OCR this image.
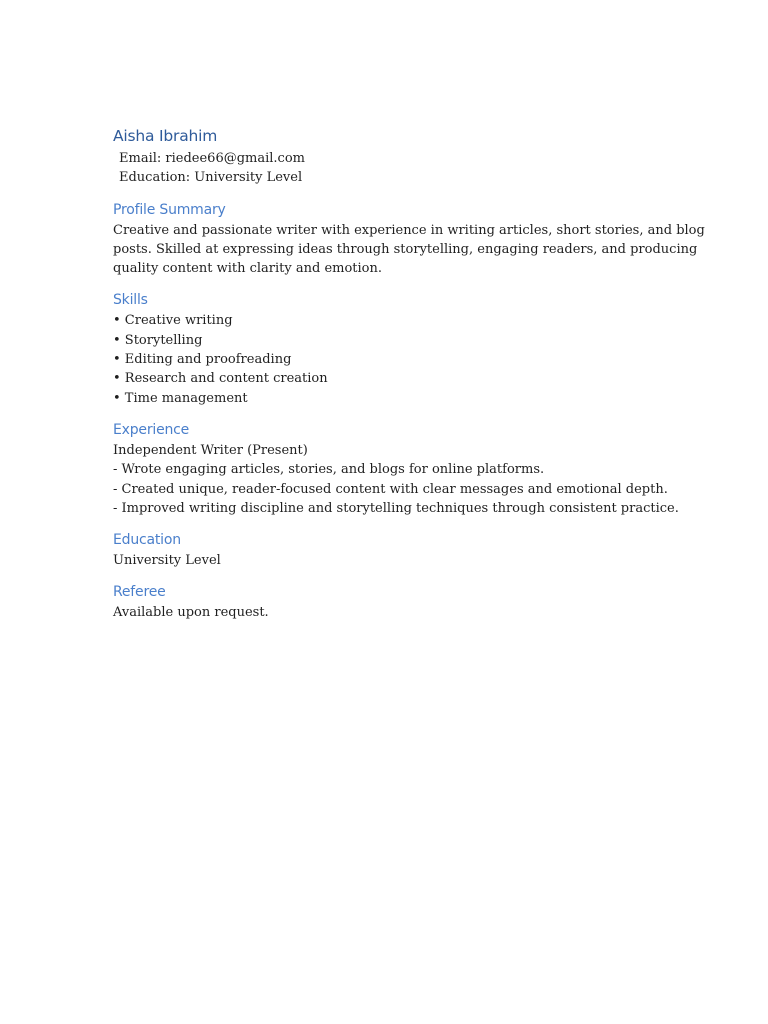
Aisha Ibrahim
Email: riedee66@gmail.com
Education: University Level
Profile Summary
Creative and passionate writer with experience in writing articles, short stories, and blog
posts. Skilled at expressing ideas through storytelling, engaging readers, and producing
quality content with clarity and emotion.
Skills
• Creative writing
• Storytelling
• Editing and proofreading
• Research and content creation
• Time management
Experience
Independent Writer (Present)
- Wrote engaging articles, stories, and blogs for online platforms.
- Created unique, reader-focused content with clear messages and emotional depth.
- Improved writing discipline and storytelling techniques through consistent practice.
Education
University Level
Referee
Available upon request.
